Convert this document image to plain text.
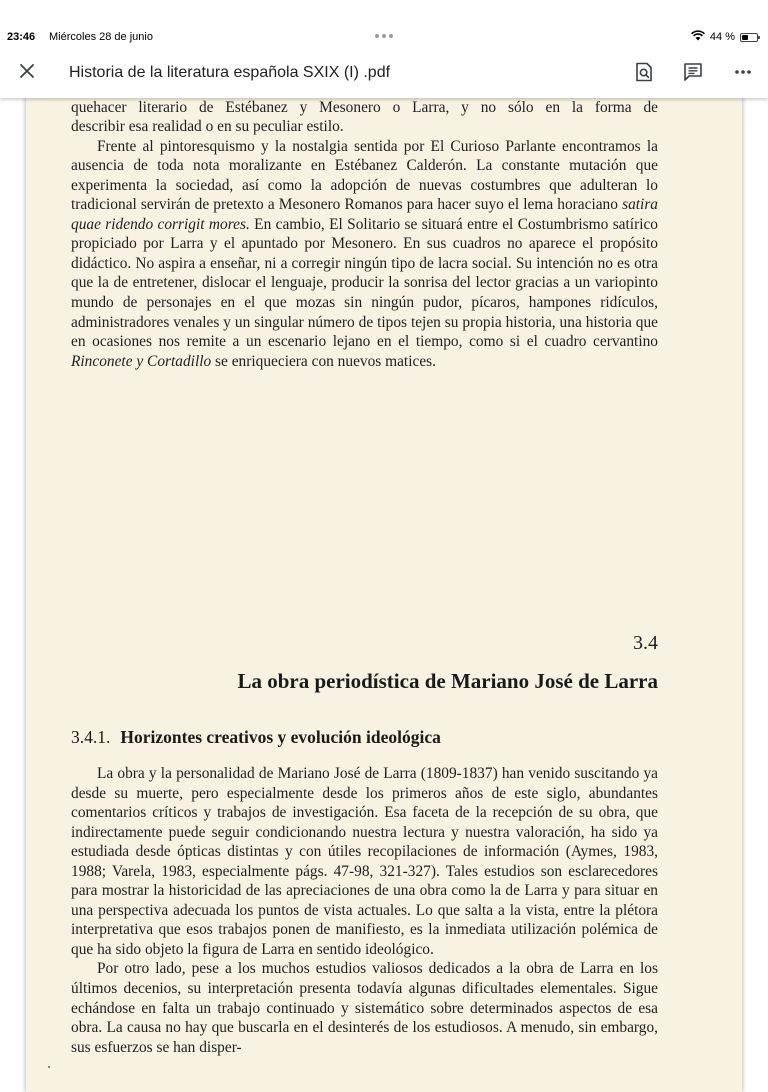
23:46 Miércoles 28 de junio	44 %
Historia de la literatura española SXIX (I) .pdf

quehacer literario de Estébanez y Mesonero o Larra, y no sólo en la forma de

describir esa realidad o en su peculiar estilo.

Frente al pintoresquismo y la nostalgia sentida por El Curioso Parlante encontramos la ausencia de toda nota moralizante en Estébanez Calderón. La constante mutación que experimenta la sociedad, así como la adopción de nuevas costumbres que adulteran lo tradicional servirán de pretexto a Mesonero Romanos para hacer suyo el lema horaciano satira quae ridendo corrigit mores. En cambio, El Solitario se situará entre el Costumbrismo satírico propiciado por Larra y el apuntado por Mesonero. En sus cuadros no aparece el propósito didáctico. No aspira a enseñar, ni a corregir ningún tipo de lacra social. Su intención no es otra que la de entretener, dislocar el lenguaje, producir la sonrisa del lector gracias a un variopinto mundo de personajes en el que mozas sin ningún pudor, pícaros, hampones ridículos, administradores venales y un singular número de tipos tejen su propia historia, una historia que en ocasiones nos remite a un escenario lejano en el tiempo, como si el cuadro cervantino Rinconete y Cortadillo se enriqueciera con nuevos matices.

3.4
La obra periodística de Mariano José de Larra
3.4.1. Horizontes creativos y evolución ideológica

La obra y la personalidad de Mariano José de Larra (1809-1837) han venido suscitando ya desde su muerte, pero especialmente desde los primeros años de este siglo, abundantes comentarios críticos y trabajos de investigación. Esa faceta de la recepción de su obra, que indirectamente puede seguir condicionando nuestra lectura y nuestra valoración, ha sido ya estudiada desde ópticas distintas y con útiles recopilaciones de información (Aymes, 1983, 1988; Varela, 1983, especialmente págs. 47-98, 321-327). Tales estudios son esclarecedores para mostrar la historicidad de las apreciaciones de una obra como la de Larra y para situar en una perspectiva adecuada los puntos de vista actuales. Lo que salta a la vista, entre la plétora interpretativa que esos trabajos ponen de manifiesto, es la inmediata utilización polémica de que ha sido objeto la figura de Larra en sentido ideológico.

Por otro lado, pese a los muchos estudios valiosos dedicados a la obra de Larra en los últimos decenios, su interpretación presenta todavía algunas dificultades elementales. Sigue echándose en falta un trabajo continuado y sistemático sobre determinados aspectos de esa obra. La causa no hay que buscarla en el desinterés de los estudiosos. A menudo, sin embargo, sus esfuerzos se han disper-
